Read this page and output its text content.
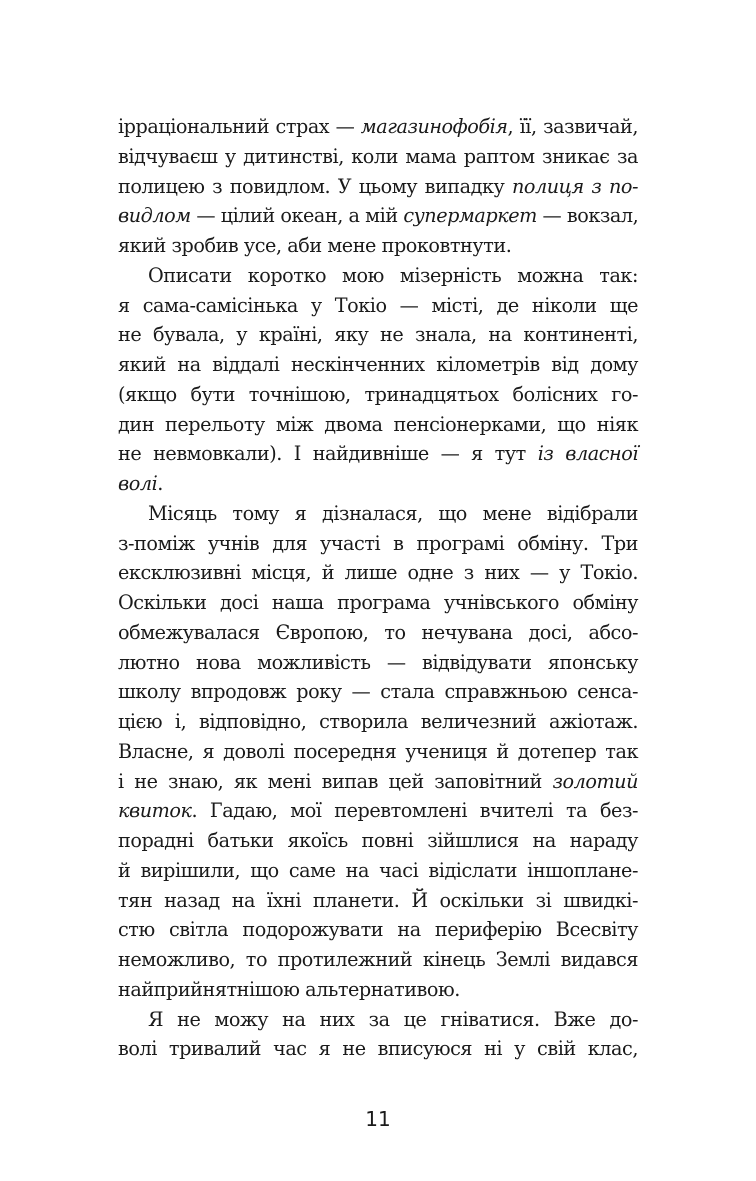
ірраціональний страх — магазинофобія, її, зазвичай,
відчуваєш у дитинстві, коли мама раптом зникає за
полицею з повидлом. У цьому випадку полиця з по-
видлом — цілий океан, а мій супермаркет — вокзал,
який зробив усе, аби мене проковтнути.
Описати коротко мою мізерність можна так:
я сама-самісінька у Токіо — місті, де ніколи ще
не бувала, у країні, яку не знала, на континенті,
який на віддалі нескінченних кілометрів від дому
(якщо бути точнішою, тринадцятьох болісних го-
дин перельоту між двома пенсіонерками, що ніяк
не невмовкали). І найдивніше — я тут із власної
волі.
Місяць тому я дізналася, що мене відібрали
з-поміж учнів для участі в програмі обміну. Три
ексклюзивні місця, й лише одне з них — у Токіо.
Оскільки досі наша програма учнівського обміну
обмежувалася Європою, то нечувана досі, абсо-
лютно нова можливість — відвідувати японську
школу впродовж року — стала справжньою сенса-
цією і, відповідно, створила величезний ажіотаж.
Власне, я доволі посередня учениця й дотепер так
і не знаю, як мені випав цей заповітний золотий
квиток. Гадаю, мої перевтомлені вчителі та без-
порадні батьки якоїсь повні зійшлися на нараду
й вирішили, що саме на часі відіслати іншоплане-
тян назад на їхні планети. Й оскільки зі швидкі-
стю світла подорожувати на периферію Всесвіту
неможливо, то протилежний кінець Землі видався
найприйнятнішою альтернативою.
Я не можу на них за це гніватися. Вже до-
волі тривалий час я не вписуюся ні у свій клас,
11
